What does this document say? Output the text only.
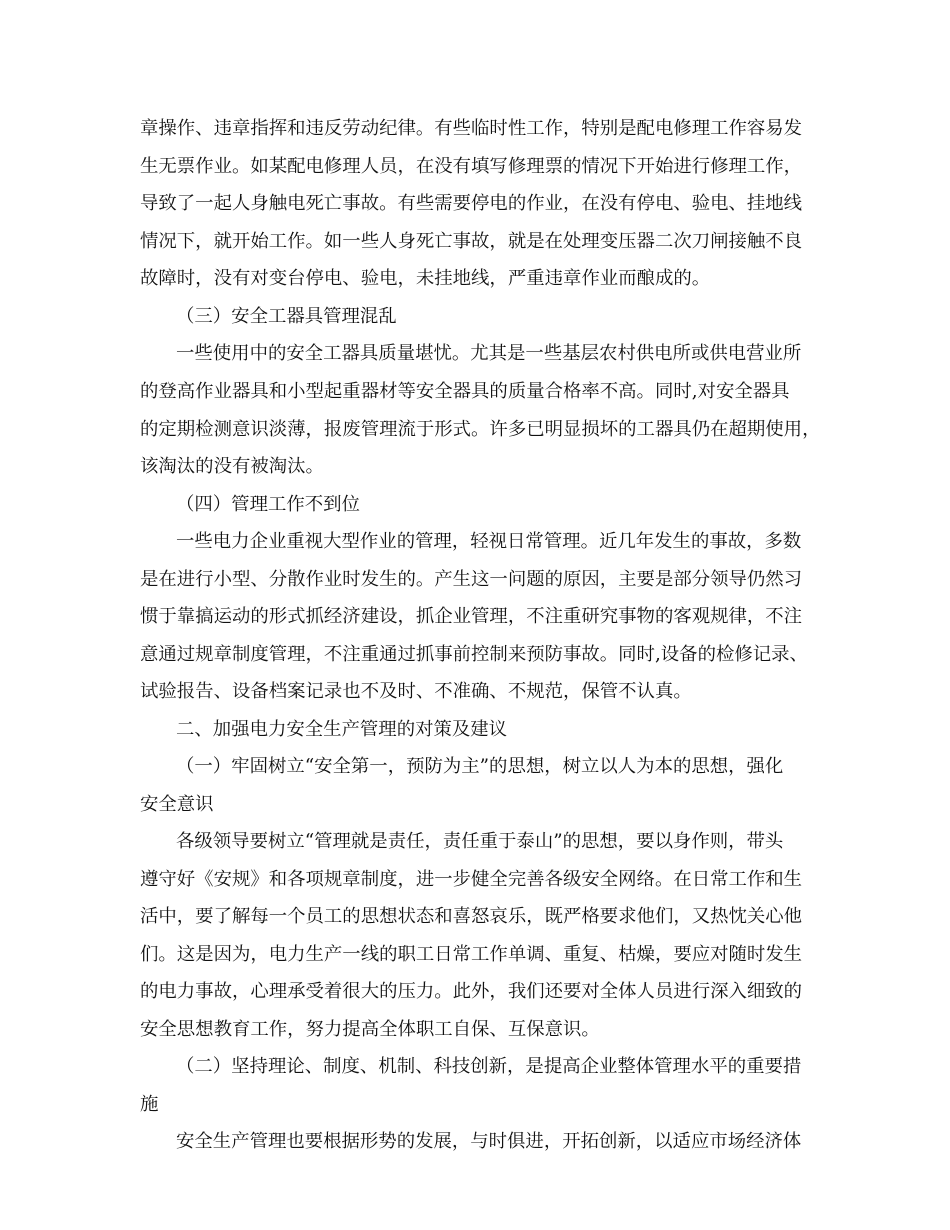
章操作、违章指挥和违反劳动纪律。有些临时性工作，特别是配电修理工作容易发
生无票作业。如某配电修理人员，在没有填写修理票的情况下开始进行修理工作，
导致了一起人身触电死亡事故。有些需要停电的作业，在没有停电、验电、挂地线
情况下，就开始工作。如一些人身死亡事故，就是在处理变压器二次刀闸接触不良
故障时，没有对变台停电、验电，未挂地线，严重违章作业而酿成的。
（三）安全工器具管理混乱
一些使用中的安全工器具质量堪忧。尤其是一些基层农村供电所或供电营业所
的登高作业器具和小型起重器材等安全器具的质量合格率不高。同时,对安全器具
的定期检测意识淡薄，报废管理流于形式。许多已明显损坏的工器具仍在超期使用，
该淘汰的没有被淘汰。
（四）管理工作不到位
一些电力企业重视大型作业的管理，轻视日常管理。近几年发生的事故，多数
是在进行小型、分散作业时发生的。产生这一问题的原因，主要是部分领导仍然习
惯于靠搞运动的形式抓经济建设，抓企业管理，不注重研究事物的客观规律，不注
意通过规章制度管理，不注重通过抓事前控制来预防事故。同时,设备的检修记录、
试验报告、设备档案记录也不及时、不准确、不规范，保管不认真。
二、加强电力安全生产管理的对策及建议
（一）牢固树立“安全第一，预防为主”的思想，树立以人为本的思想，强化
安全意识
各级领导要树立“管理就是责任，责任重于泰山”的思想，要以身作则，带头
遵守好《安规》和各项规章制度，进一步健全完善各级安全网络。在日常工作和生
活中，要了解每一个员工的思想状态和喜怒哀乐，既严格要求他们，又热忱关心他
们。这是因为，电力生产一线的职工日常工作单调、重复、枯燥，要应对随时发生
的电力事故，心理承受着很大的压力。此外，我们还要对全体人员进行深入细致的
安全思想教育工作，努力提高全体职工自保、互保意识。
（二）坚持理论、制度、机制、科技创新，是提高企业整体管理水平的重要措
施
安全生产管理也要根据形势的发展，与时俱进，开拓创新，以适应市场经济体
